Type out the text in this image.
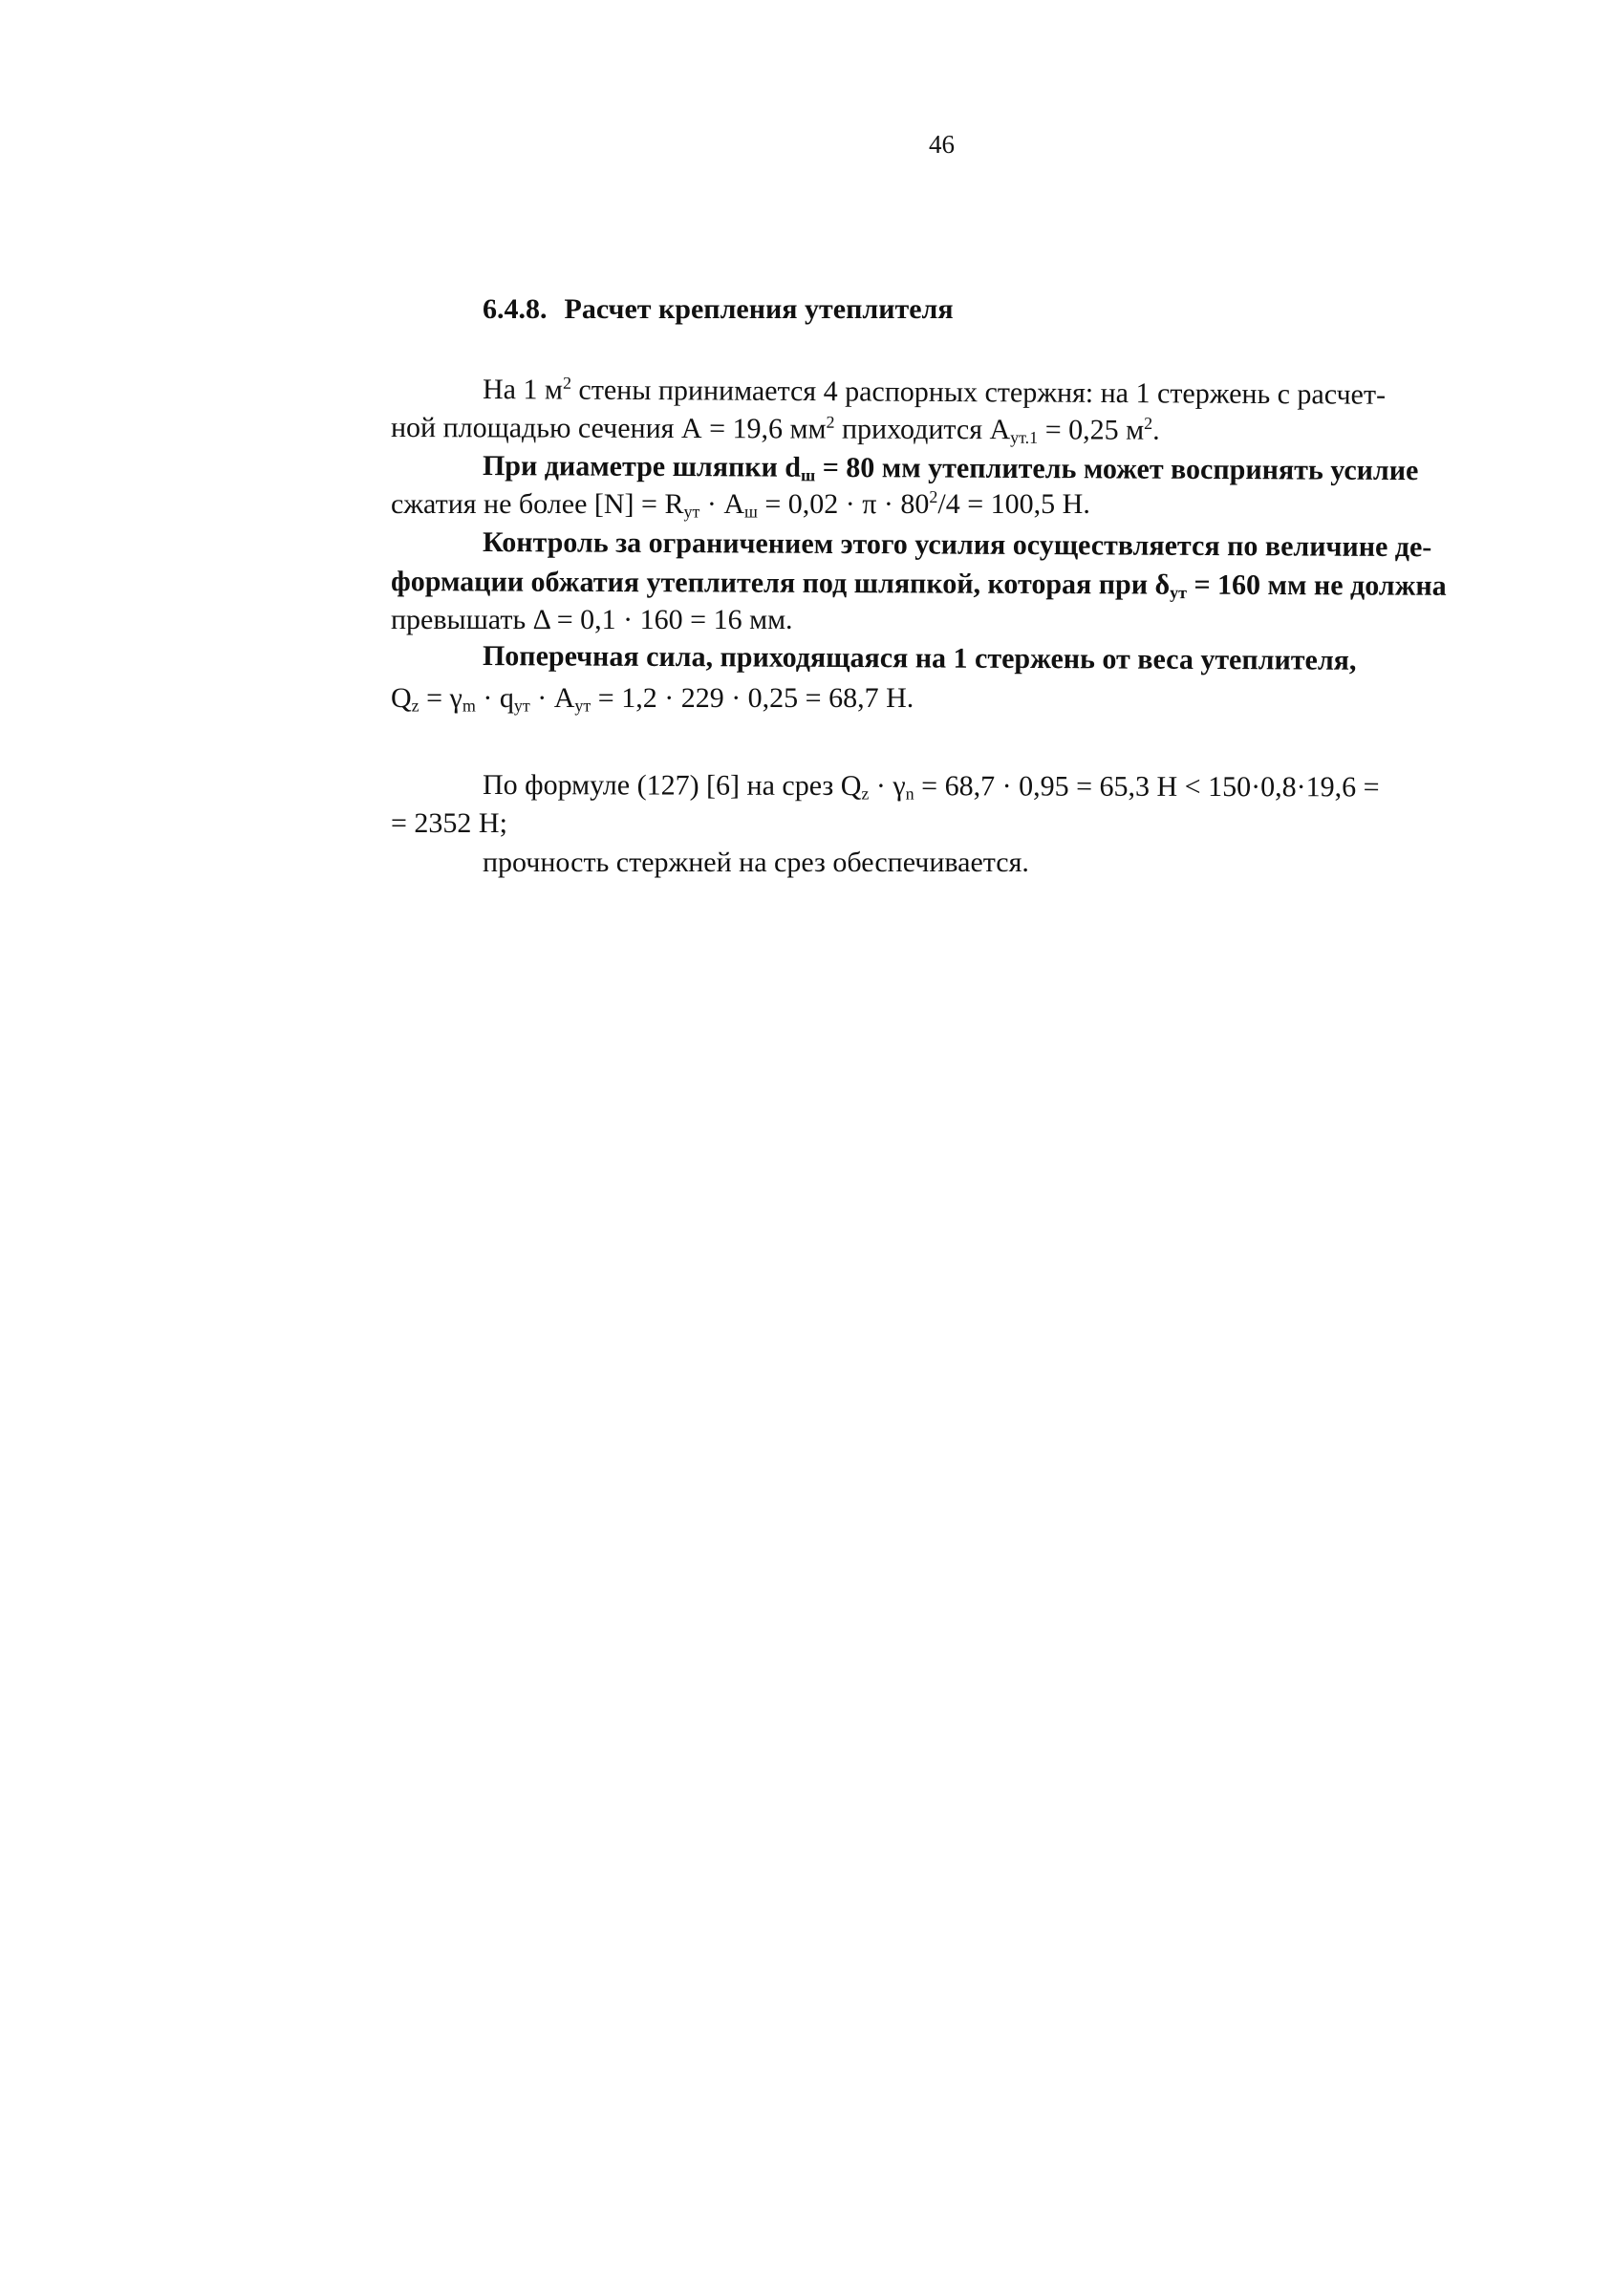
46
6.4.8. Расчет крепления утеплителя
На 1 $м^2$ стены принимается 4 распорных стержня: на 1 стержень с расчет-
ной площадью сечения А = 19,6 $мм^2$ приходится $А_{ут.1} = 0,25$ $м^2$.
При диаметре шляпки $d_ш = 80$ мм утеплитель может воспринять усилие
сжатия не более $[N] = R_{ут} \cdot А_ш = 0,02 \cdot \pi \cdot 80^2/4 = 100,5$ Н.
Контроль за ограничением этого усилия осуществляется по величине де-
формации обжатия утеплителя под шляпкой, которая при $\delta_{ут} = 160$ мм не должна
превышать Δ = 0,1 · 160 = 16 мм.
Поперечная сила, приходящаяся на 1 стержень от веса утеплителя,
$Q_z = \gamma_m \cdot q_{ут} \cdot А_{ут} = 1,2 \cdot 229 \cdot 0,25 = 68,7$ Н.
По формуле (127) [6] на срез $Q_z \cdot \gamma_n = 68,7 \cdot 0,95 = 65,3$ Н < 150·0,8·19,6 =
= 2352 Н;
прочность стержней на срез обеспечивается.
